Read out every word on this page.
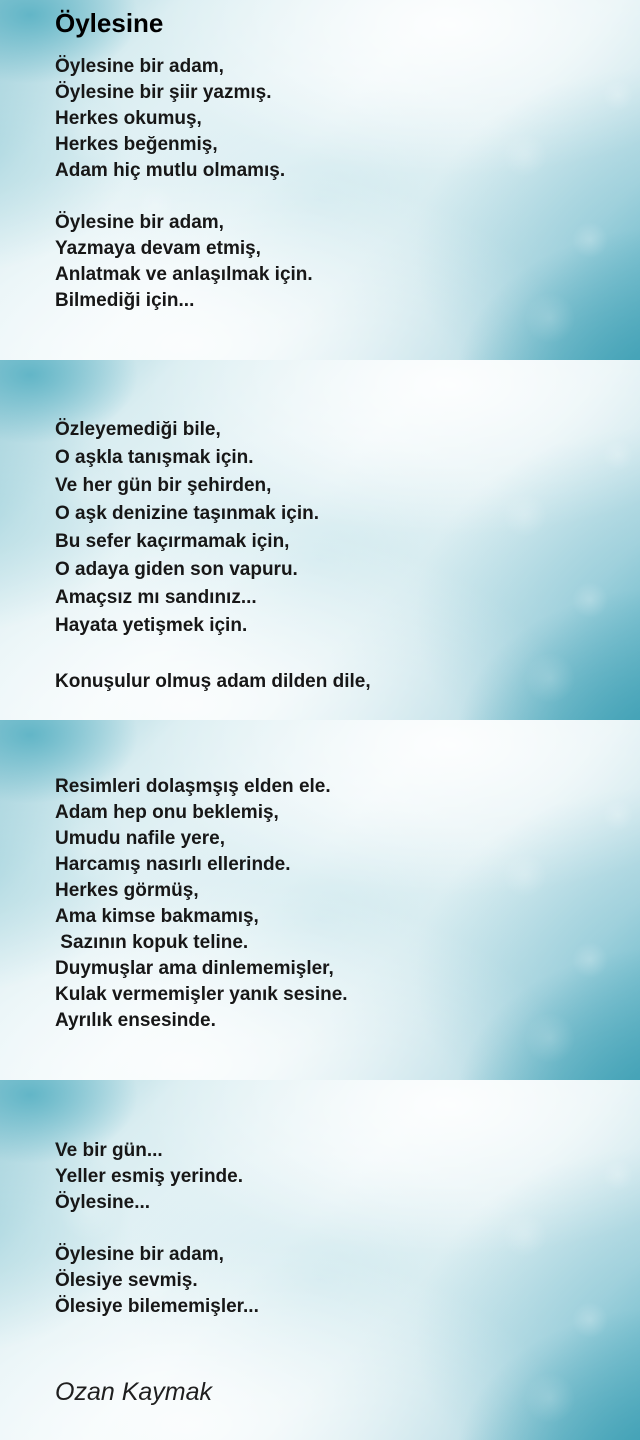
Öylesine
Öylesine bir adam,
Öylesine bir şiir yazmış.
Herkes okumuş,
Herkes beğenmiş,
Adam hiç mutlu olmamış.
Öylesine bir adam,
Yazmaya devam etmiş,
Anlatmak ve anlaşılmak için.
Bilmediği için...
Özleyemediği bile,
O aşkla tanışmak için.
Ve her gün bir şehirden,
O aşk denizine taşınmak için.
Bu sefer kaçırmamak için,
O adaya giden son vapuru.
Amaçsız mı sandınız...
Hayata yetişmek için.
Konuşulur olmuş adam dilden dile,
Resimleri dolaşmşış elden ele.
Adam hep onu beklemiş,
Umudu nafile yere,
Harcamış nasırlı ellerinde.
Herkes görmüş,
Ama kimse bakmamış,
Sazının kopuk teline.
Duymuşlar ama dinlememişler,
Kulak vermemişler yanık sesine.
Ayrılık ensesinde.
Ve bir gün...
Yeller esmiş yerinde.
Öylesine...
Öylesine bir adam,
Ölesiye sevmiş.
Ölesiye bilememişler...
Ozan Kaymak
